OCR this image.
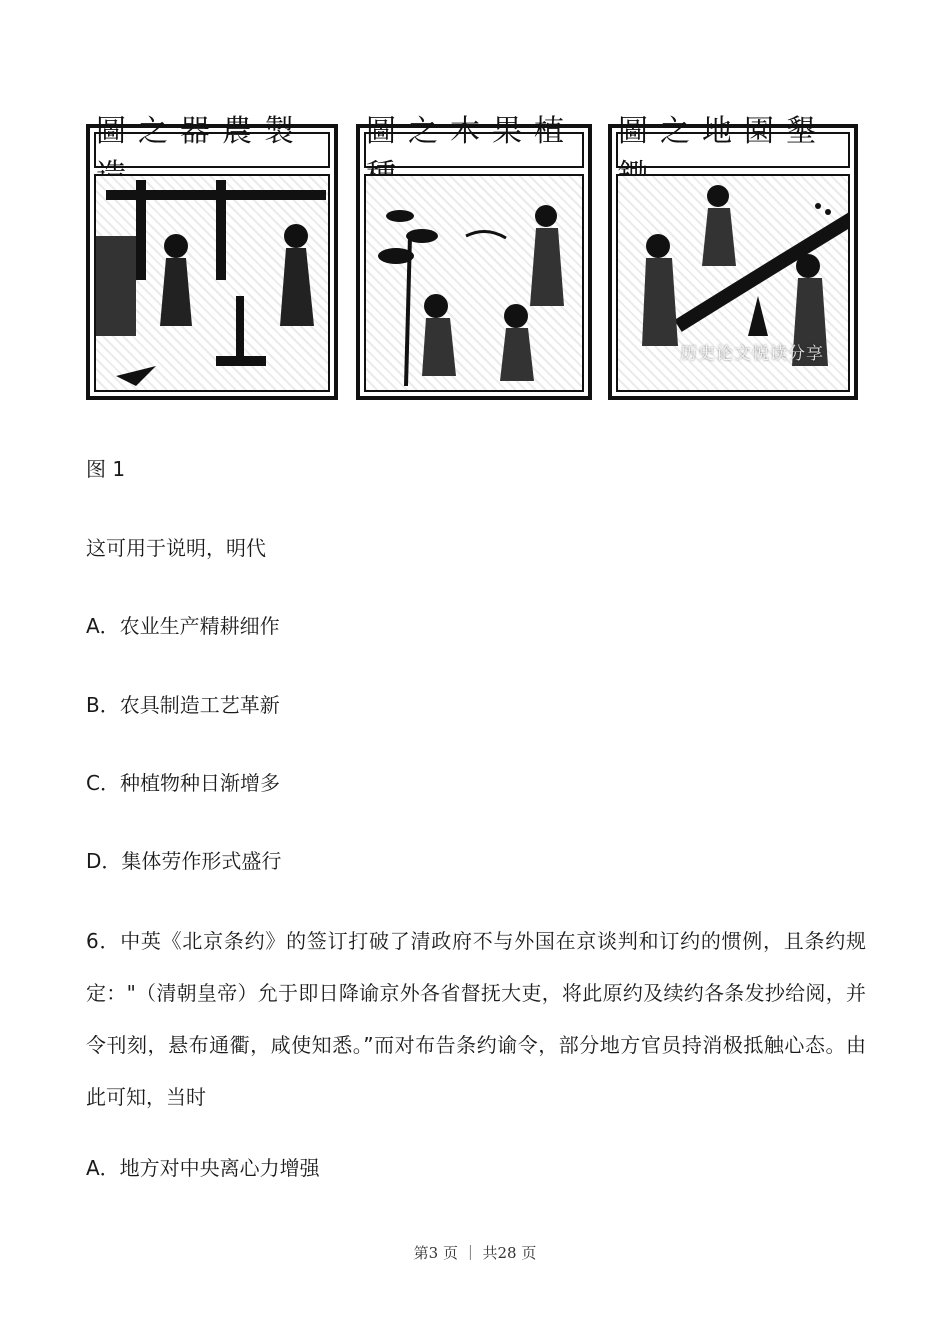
圖之器農製	圖之木果植 圖之地園墾
历史论文悦读分享
图 1
这可用于说明，明代
A．农业生产精耕细作
B．农具制造工艺革新
C．种植物种日渐增多
D．集体劳作形式盛行
6．中英《北京条约》的签订打破了清政府不与外国在京谈判和订约的惯例，且条约规定："（清朝皇帝）允于即日降谕京外各省督抚大吏，将此原约及续约各条发抄给阅，并令刊刻，悬布通衢，咸使知悉。”而对布告条约谕令，部分地方官员持消极抵触心态。由此可知，当时
A．地方对中央离心力增强
第3 页 ｜ 共28 页
